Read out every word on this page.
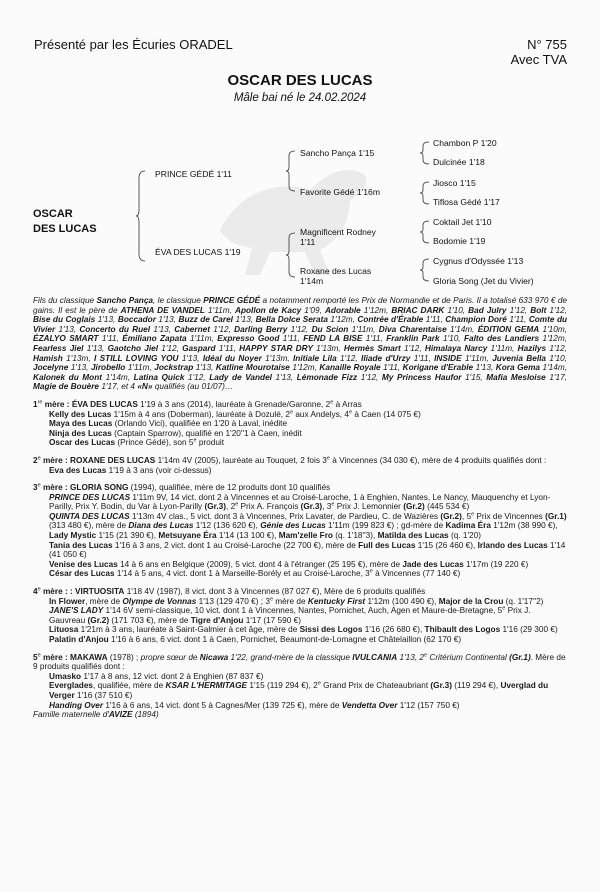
Présenté par les Écuries ORADEL	N° 755
Avec TVA
OSCAR DES LUCAS
Mâle bai né le 24.02.2024
OSCAR
DES LUCAS
PRINCE GÉDÉ 1'11
ÉVA DES LUCAS 1'19
Sancho Pança 1'15
Favorite Gédé 1'16m
Magnificent Rodney
1'11
Roxane des Lucas
1'14m
Chambon P 1'20
Dulcinée 1'18
Jiosco 1'15
Tiflosa Gédé 1'17
Coktail Jet 1'10
Bodomie 1'19
Cygnus d'Odyssée 1'13
Gloria Song (Jet du Vivier)

Fils du classique Sancho Pança, le classique PRINCE GÉDÉ a notamment remporté les Prix de Normandie et de Paris. Il a totalisé 633 970 € de gains. Il est le père de ATHENA DE VANDEL 1'11m, Apollon de Kacy 1'09, Adorable 1'12m, BRIAC DARK 1'10, Bad Julry 1'12, Bolt 1'12, Bise du Coglais 1'13, Boccador 1'13, Buzz de Carel 1'13, Bella Dolce Serata 1'12m, Contrée d'Érable 1'11, Champion Doré 1'11, Comte du Vivier 1'13, Concerto du Ruel 1'13, Cabernet 1'12, Darling Berry 1'12, Du Scion 1'11m, Diva Charentaise 1'14m, ÉDITION GEMA 1'10m, ÉZALYO SMART 1'11, Émiliano Zapata 1'11m, Expresso Good 1'11, FEND LA BISE 1'11, Franklin Park 1'10, Falto des Landiers 1'12m, Fearless Jiel 1'13, Gaotcho Jiel 1'12, Gaspard 1'11, HAPPY STAR DRY 1'13m, Hermès Smart 1'12, Himalaya Narcy 1'11m, Hazilys 1'12, Hamish 1'13m, I STILL LOVING YOU 1'13, Idéal du Noyer 1'13m, Initiale Lila 1'12, Iliade d'Urzy 1'11, INSIDE 1'11m, Juvenia Bella 1'10, Jocelyne 1'13, Jirobello 1'11m, Jockstrap 1'13, Katline Mourotaise 1'12m, Kanaille Royale 1'11, Korigane d'Erable 1'13, Kora Gema 1'14m, Kalonek du Mont 1'14m, Latina Quick 1'12, Lady de Vandel 1'13, Lémonade Fizz 1'12, My Princess Haufor 1'15, Mafia Mesloise 1'17, Magie de Bouère 1'17, et 4 «N» qualifiés (au 01/07)…

1re mère : ÉVA DES LUCAS 1'19 à 3 ans (2014), lauréate à Grenade/Garonne, 2e à Arras

Kelly des Lucas 1'15m à 4 ans (Doberman), lauréate à Dozulé, 2e aux Andelys, 4e à Caen (14 075 €)

Maya des Lucas (Orlando Vici), qualifiée en 1'20 à Laval, inédite

Ninja des Lucas (Captain Sparrow), qualifié en 1'20''1 à Caen, inédit

Oscar des Lucas (Prince Gédé), son 5e produit

2e mère : ROXANE DES LUCAS 1'14m 4V (2005), lauréate au Touquet, 2 fois 3e à Vincennes (34 030 €), mère de 4 produits qualifiés dont :

Eva des Lucas 1'19 à 3 ans (voir ci-dessus)

3e mère : GLORIA SONG (1994), qualifiée, mère de 12 produits dont 10 qualifiés

PRINCE DES LUCAS 1'11m 9V, 14 vict. dont 2 à Vincennes et au Croisé-Laroche, 1 à Enghien, Nantes, Le Nancy, Mauquenchy et Lyon-Parilly, Prix Y. Bodin, du Var à Lyon-Parilly (Gr.3), 2e Prix A. François (Gr.3), 3e Prix J. Lemonnier (Gr.2) (445 534 €)

QUINTA DES LUCAS 1'13m 4V clas., 5 vict. dont 3 à Vincennes, Prix Lavater, de Pardieu, C. de Wazières (Gr.2), 5e Prix de Vincennes (Gr.1) (313 480 €), mère de Diana des Lucas 1'12 (136 620 €), Génie des Lucas 1'11m (199 823 €) ; gd-mère de Kadima Éra 1'12m (38 990 €), Lady Mystic 1'15 (21 390 €), Metsuyane Éra 1'14 (13 100 €), Mam'zelle Fro (q. 1'18''3), Matilda des Lucas (q. 1'20)

Tania des Lucas 1'16 à 3 ans, 2 vict. dont 1 au Croisé-Laroche (22 700 €), mère de Full des Lucas 1'15 (26 460 €), Irlando des Lucas 1'14 (41 050 €)

Venise des Lucas 14 à 6 ans en Belgique (2009), 5 vict. dont 4 à l'étranger (25 195 €), mère de Jade des Lucas 1'17m (19 220 €)

César des Lucas 1'14 à 5 ans, 4 vict. dont 1 à Marseille-Borély et au Croisé-Laroche, 3e à Vincennes (77 140 €)

4e mère : : VIRTUOSITA 1'18 4V (1987), 8 vict. dont 3 à Vincennes (87 027 €), Mère de 6 produits qualifiés

In Flower, mère de Olympe de Vonnas 1'13 (129 470 €) ; 3e mère de Kentucky First 1'12m (100 490 €), Major de la Crou (q. 1'17''2)

JANE'S LADY 1'14 6V semi-classique, 10 vict. dont 1 à Vincennes, Nantes, Pornichet, Auch, Agen et Maure-de-Bretagne, 5e Prix J. Gauvreau (Gr.2) (171 703 €), mère de Tigre d'Anjou 1'17 (17 590 €)

Lituosa 1'21m à 3 ans, lauréate à Saint-Galmier à cet âge, mère de Sissi des Logos 1'16 (26 680 €), Thibault des Logos 1'16 (29 300 €)

Palatin d'Anjou 1'16 à 6 ans, 6 vict. dont 1 à Caen, Pornichet, Beaumont-de-Lomagne et Châtelaillon (62 170 €)

5e mère : MAKAWA (1978) ; propre sœur de Nicawa 1'22, grand-mère de la classique IVULCANIA 1'13, 2e Critérium Continental (Gr.1). Mère de 9 produits qualifiés dont :

Umasko 1'17 à 8 ans, 12 vict. dont 2 à Enghien (87 837 €)

Everglades, qualifiée, mère de KSAR L'HERMITAGE 1'15 (119 294 €), 2e Grand Prix de Chateaubriant (Gr.3) (119 294 €), Uverglad du Verger 1'16 (37 510 €)

Handing Over 1'16 à 6 ans, 14 vict. dont 5 à Cagnes/Mer (139 725 €), mère de Vendetta Over 1'12 (157 750 €)

Famille maternelle d'AVIZE (1894)
